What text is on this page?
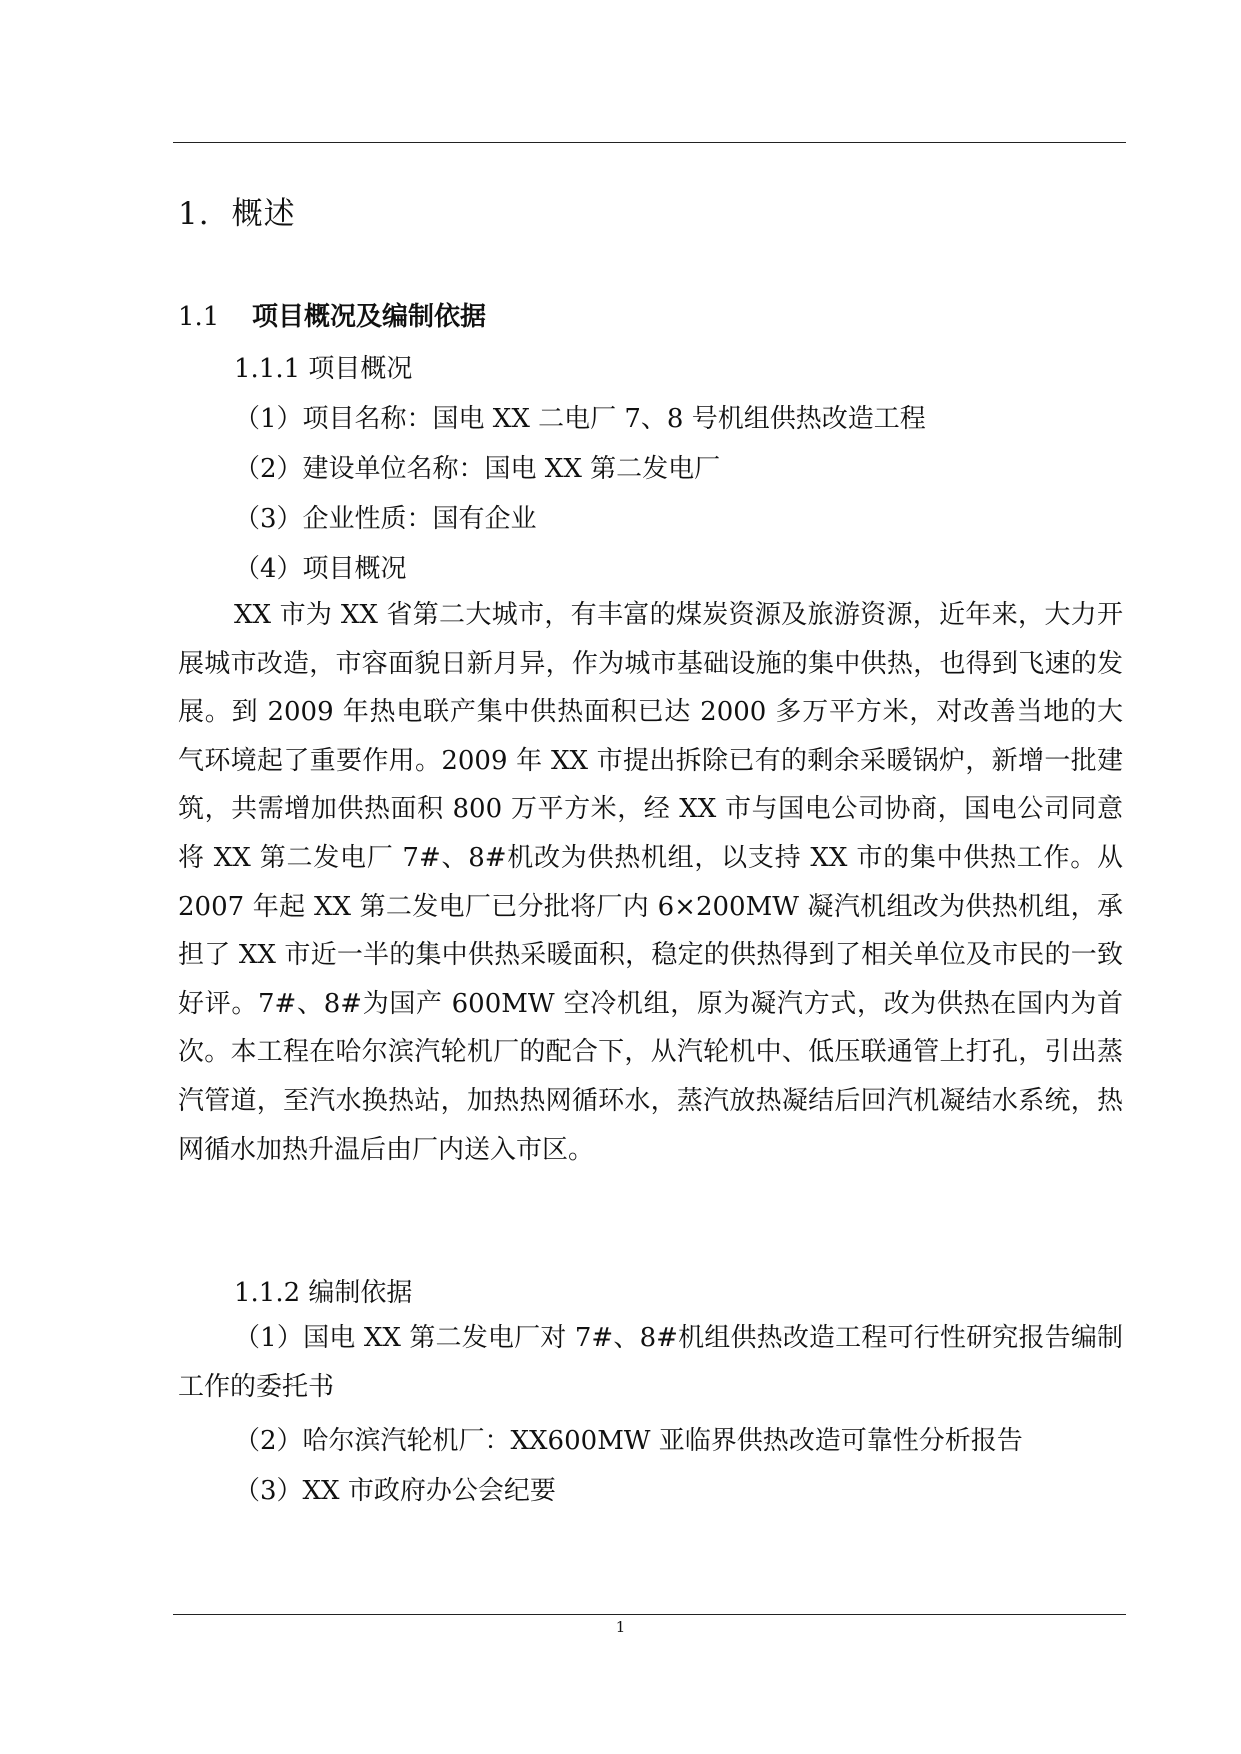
1. 概述
1.1 项目概况及编制依据
1.1.1 项目概况
（1）项目名称：国电 XX 二电厂 7、8 号机组供热改造工程
（2）建设单位名称：国电 XX 第二发电厂
（3）企业性质：国有企业
（4）项目概况
XX 市为 XX 省第二大城市，有丰富的煤炭资源及旅游资源，近年来，大力开展城市改造，市容面貌日新月异，作为城市基础设施的集中供热，也得到飞速的发展。到 2009 年热电联产集中供热面积已达 2000 多万平方米，对改善当地的大气环境起了重要作用。2009 年 XX 市提出拆除已有的剩余采暖锅炉，新增一批建筑，共需增加供热面积 800 万平方米，经 XX 市与国电公司协商，国电公司同意将 XX 第二发电厂 7#、8#机改为供热机组，以支持 XX 市的集中供热工作。从 2007 年起 XX 第二发电厂已分批将厂内 6×200MW 凝汽机组改为供热机组，承担了 XX 市近一半的集中供热采暖面积，稳定的供热得到了相关单位及市民的一致好评。7#、8#为国产 600MW 空冷机组，原为凝汽方式，改为供热在国内为首次。本工程在哈尔滨汽轮机厂的配合下，从汽轮机中、低压联通管上打孔，引出蒸汽管道，至汽水换热站，加热热网循环水，蒸汽放热凝结后回汽机凝结水系统，热网循水加热升温后由厂内送入市区。
1.1.2 编制依据
（1）国电 XX 第二发电厂对 7#、8#机组供热改造工程可行性研究报告编制工作的委托书
（2）哈尔滨汽轮机厂：XX600MW 亚临界供热改造可靠性分析报告
（3）XX 市政府办公会纪要
1
